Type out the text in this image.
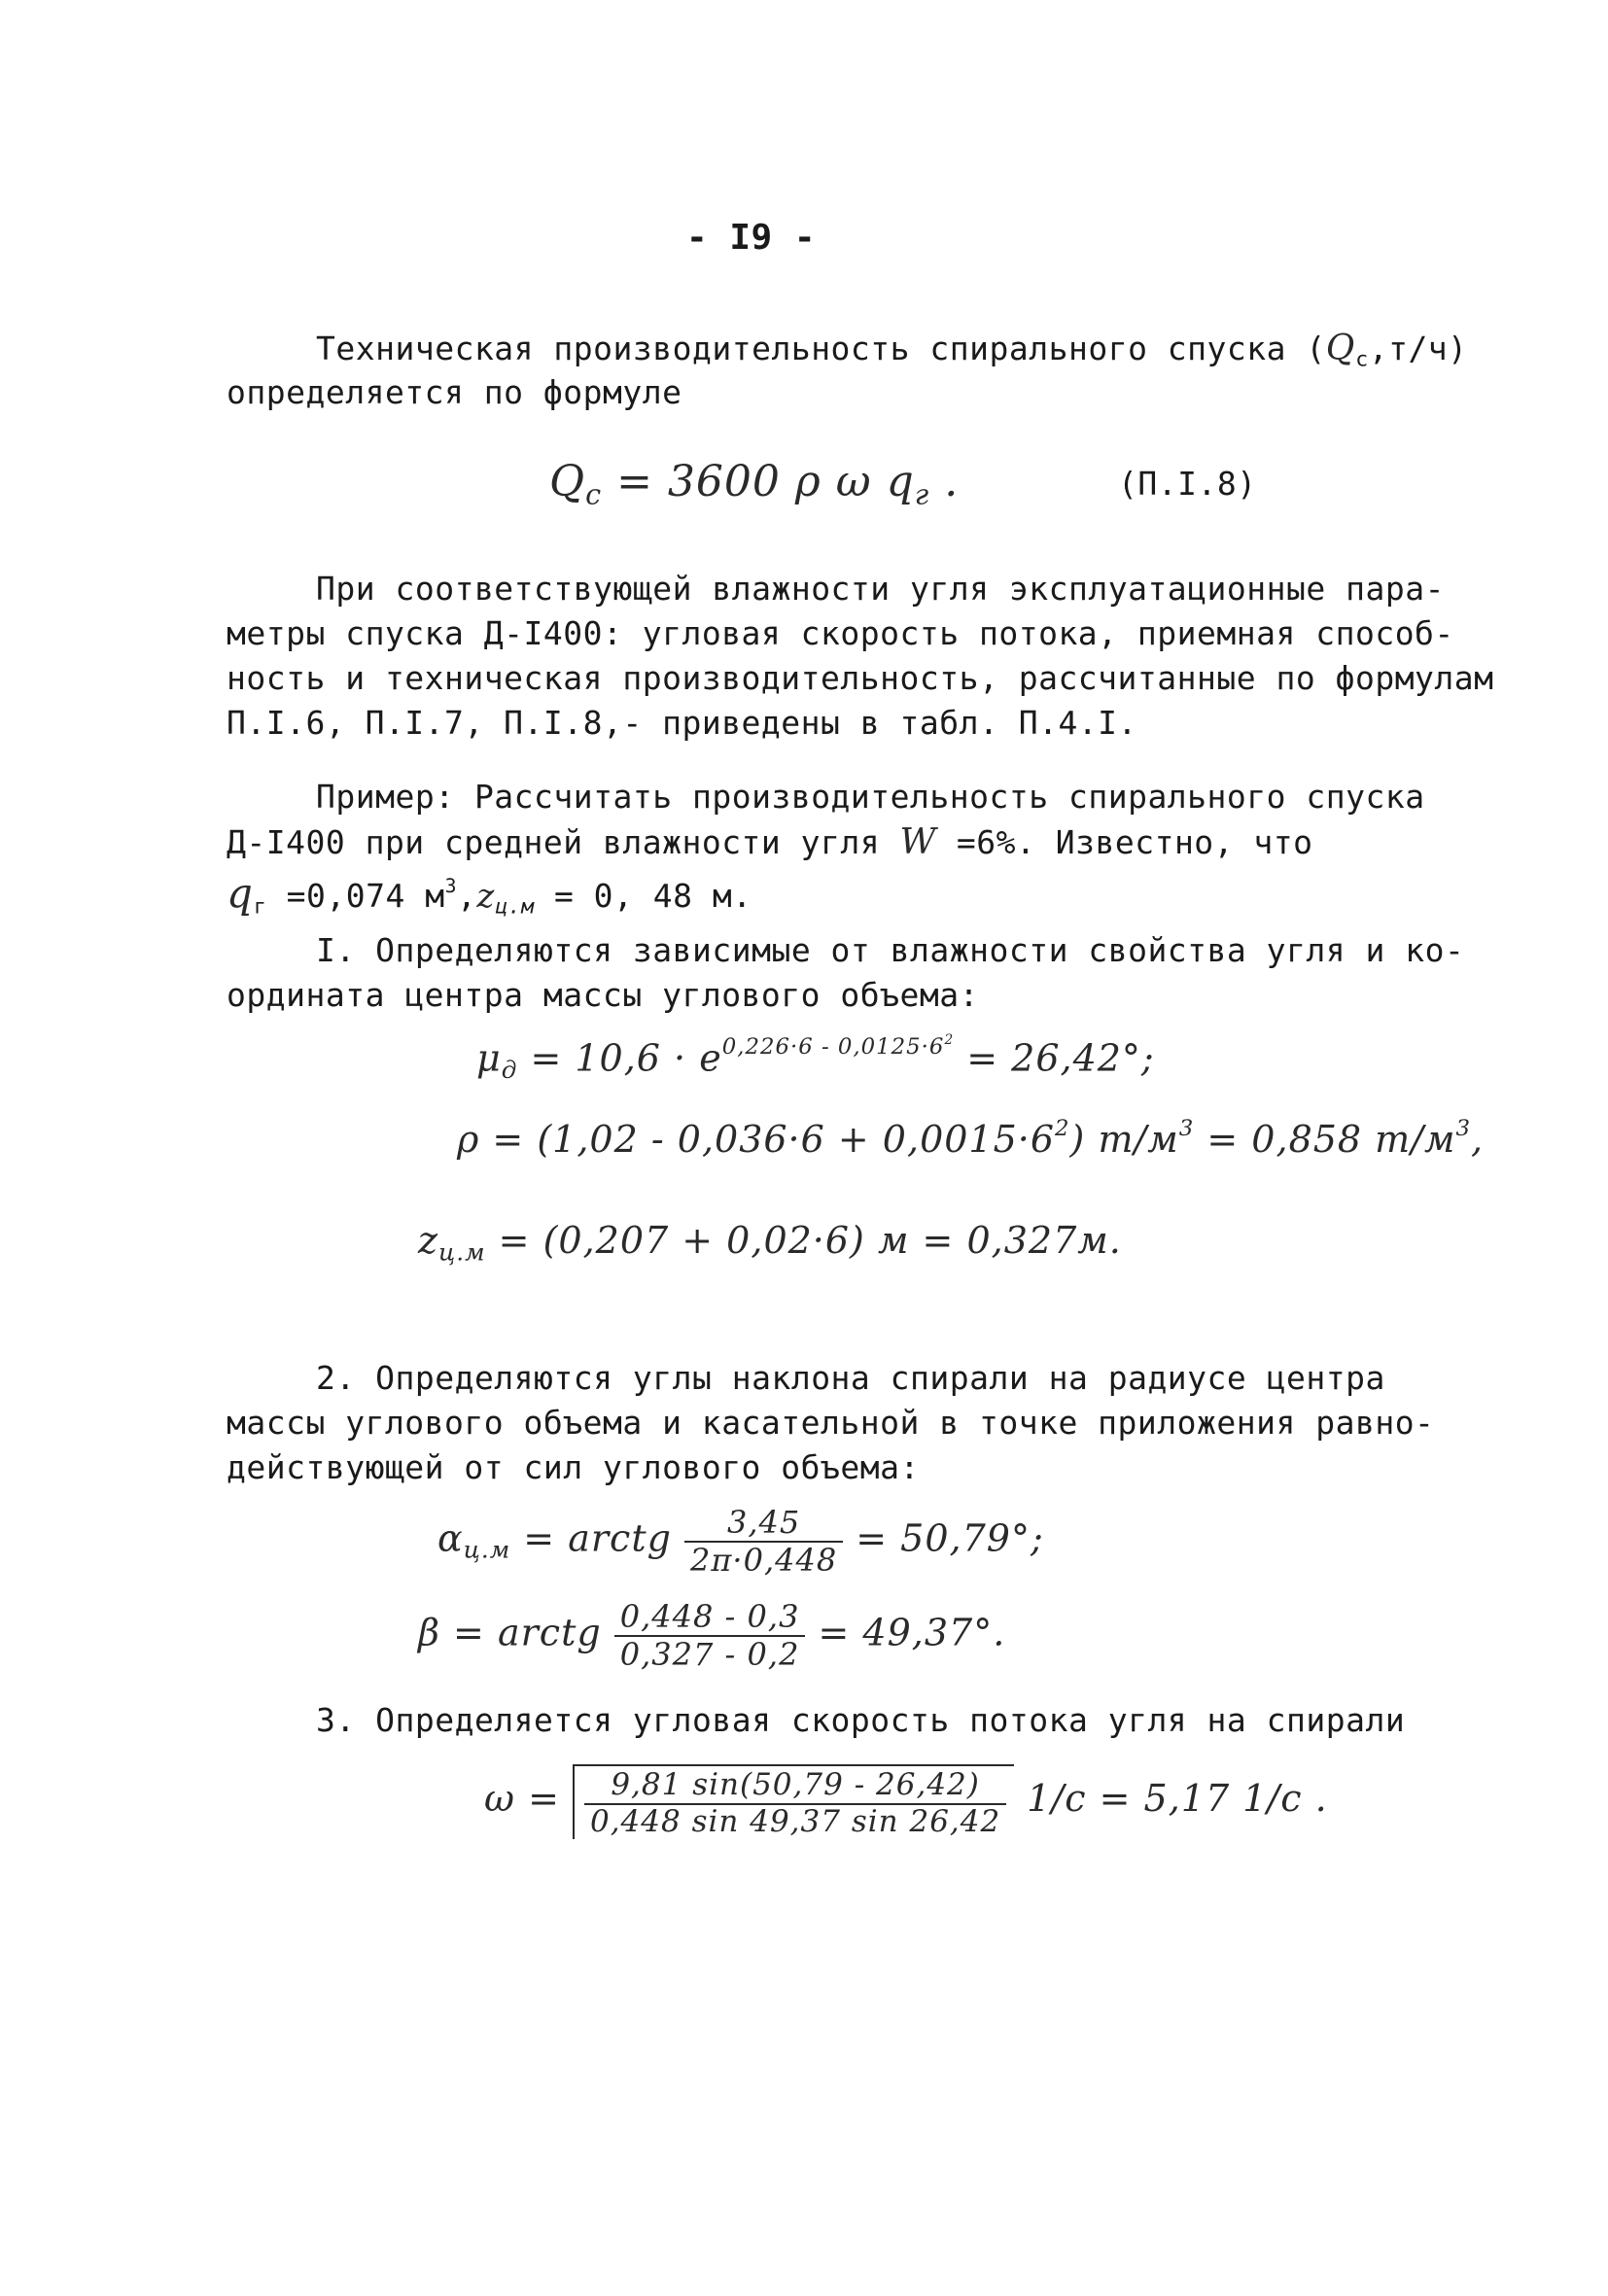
- I9 -
Техническая производительность спирального спуска $(Q_с,т/ч)$
определяется по формуле
$Q_с = 3600$ ρ ω $q_г$ .	(П.I.8)
При соответствующей влажности угля эксплуатационные пара-
метры спуска Д-I400: угловая скорость потока, приемная способ-
ность и техническая производительность, рассчитанные по формулам
П.I.6, П.I.7, П.I.8,- приведены в табл. П.4.I.
Пример: Рассчитать производительность спирального спуска
Д-I400 при средней влажности угля W =6%. Известно, что
$q_г =0,074$ $м^3,z_{ц.м} = 0$, 48 м.
I. Определяются зависимые от влажности свойства угля и ко-
ордината центра массы углового объема:
$\mu_д = 10,6 \cdot e^{0,226\cdot 6 - 0,0125\cdot 6^2} = 26,42^\circ$;
$\rho = (1,02 - 0,036\cdot 6 + 0,0015\cdot 6^2)$ $т/м^3 = 0,858$ $т/м^3$,
$z_{ц.м} = (0,207 + 0,02\cdot 6) м = 0,327м$.
2. Определяются углы наклона спирали на радиусе центра
массы углового объема и касательной в точке приложения равно-
действующей от сил углового объема:
$\alpha_{ц.м}$ = arctg $\frac{3,45}{2\pi\cdot 0,448} = 50,79^\circ$;
β = arctg $\frac{0,448 - 0,3}{0,327 - 0,2} = 49,37^\circ$.
3. Определяется угловая скорость потока угля на спирали
$\omega = \frac{9,81 \sin(50,79 - 26,42)}{0,448 \sin 49,37 \sin 26,42} 1/с = 5,17$ 1/с .
